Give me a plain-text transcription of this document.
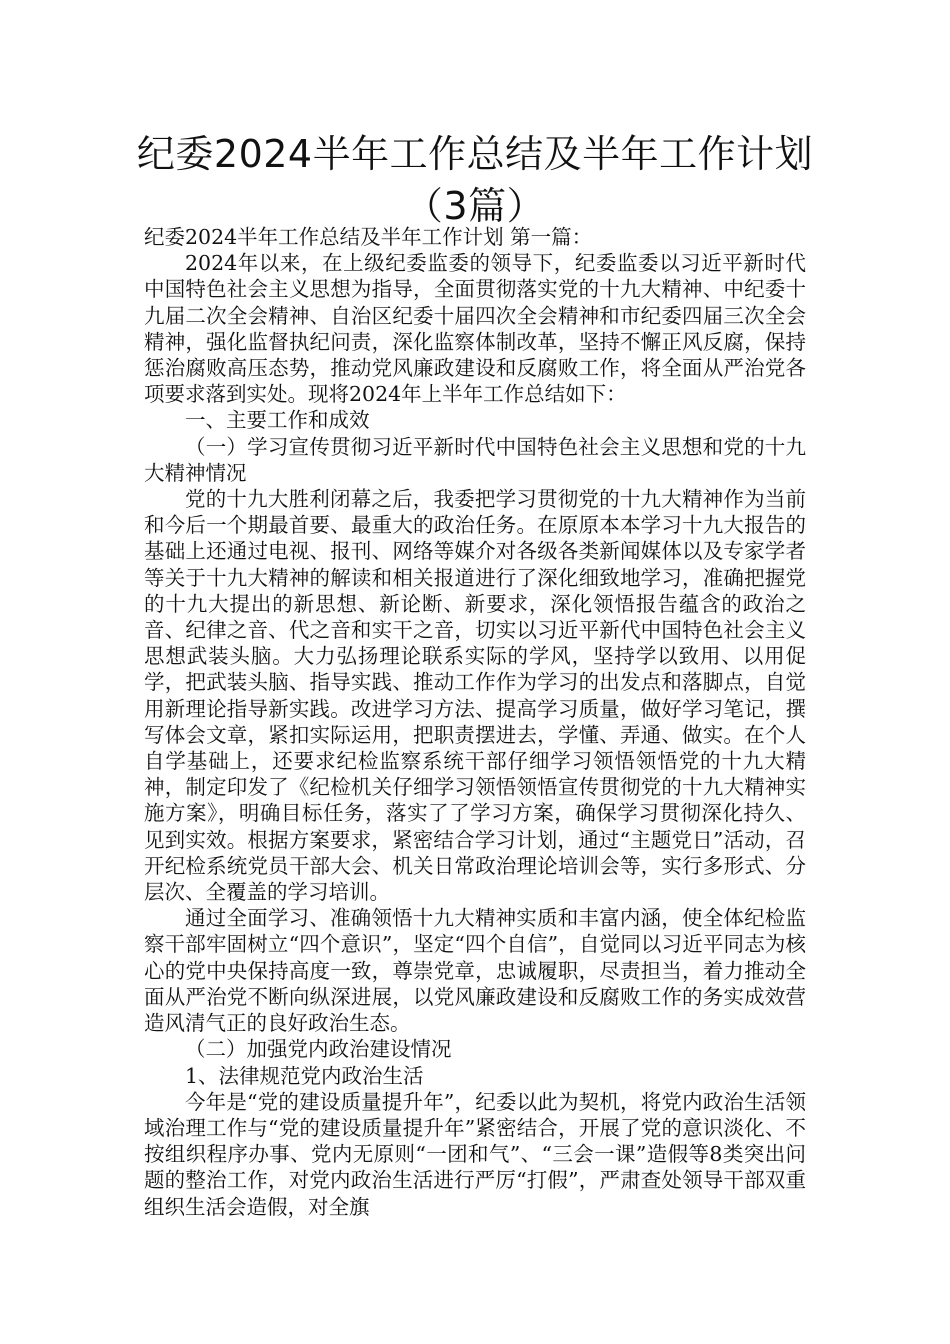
纪委2024半年工作总结及半年工作计划（3篇）

纪委2024半年工作总结及半年工作计划 第一篇：

2024年以来，在上级纪委监委的领导下，纪委监委以习近平新时代中国特色社会主义思想为指导，全面贯彻落实党的十九大精神、中纪委十九届二次全会精神、自治区纪委十届四次全会精神和市纪委四届三次全会精神，强化监督执纪问责，深化监察体制改革，坚持不懈正风反腐，保持惩治腐败高压态势，推动党风廉政建设和反腐败工作，将全面从严治党各项要求落到实处。现将2024年上半年工作总结如下：

一、主要工作和成效

（一）学习宣传贯彻习近平新时代中国特色社会主义思想和党的十九大精神情况

党的十九大胜利闭幕之后，我委把学习贯彻党的十九大精神作为当前和今后一个期最首要、最重大的政治任务。在原原本本学习十九大报告的基础上还通过电视、报刊、网络等媒介对各级各类新闻媒体以及专家学者等关于十九大精神的解读和相关报道进行了深化细致地学习，准确把握党的十九大提出的新思想、新论断、新要求，深化领悟报告蕴含的政治之音、纪律之音、代之音和实干之音，切实以习近平新代中国特色社会主义思想武装头脑。大力弘扬理论联系实际的学风，坚持学以致用、以用促学，把武装头脑、指导实践、推动工作作为学习的出发点和落脚点，自觉用新理论指导新实践。改进学习方法、提高学习质量，做好学习笔记，撰写体会文章，紧扣实际运用，把职责摆进去，学懂、弄通、做实。在个人自学基础上，还要求纪检监察系统干部仔细学习领悟领悟党的十九大精神，制定印发了《纪检机关仔细学习领悟领悟宣传贯彻党的十九大精神实施方案》，明确目标任务，落实了了学习方案，确保学习贯彻深化持久、见到实效。根据方案要求，紧密结合学习计划，通过“主题党日”活动，召开纪检系统党员干部大会、机关日常政治理论培训会等，实行多形式、分层次、全覆盖的学习培训。

通过全面学习、准确领悟十九大精神实质和丰富内涵，使全体纪检监察干部牢固树立“四个意识”，坚定“四个自信”，自觉同以习近平同志为核心的党中央保持高度一致，尊崇党章，忠诚履职，尽责担当，着力推动全面从严治党不断向纵深进展，以党风廉政建设和反腐败工作的务实成效营造风清气正的良好政治生态。

（二）加强党内政治建设情况

1、法律规范党内政治生活

今年是“党的建设质量提升年”，纪委以此为契机，将党内政治生活领域治理工作与“党的建设质量提升年”紧密结合，开展了党的意识淡化、不按组织程序办事、党内无原则“一团和气”、“三会一课”造假等8类突出问题的整治工作，对党内政治生活进行严厉“打假”，严肃查处领导干部双重组织生活会造假，对全旗
